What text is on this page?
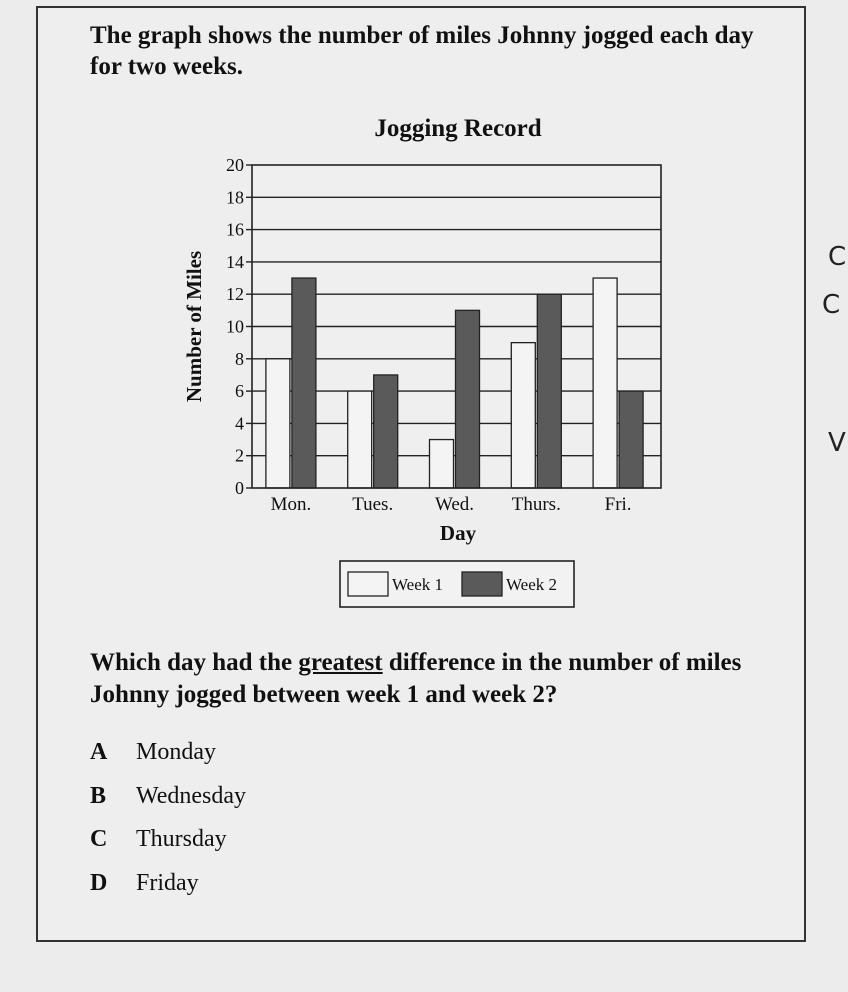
The graph shows the number of miles Johnny jogged each day for two weeks.

Jogging Record
0
2
4
6
8
10
12
14
16
18
20
Mon. Tues. Wed. Thurs. Fri.
Day
Number of Miles
Week 1	Week 2

Which day had the greatest difference in the number of miles Johnny jogged between week 1 and week 2?

A Monday
B Wednesday
C Thursday
D Friday
C
C
V
